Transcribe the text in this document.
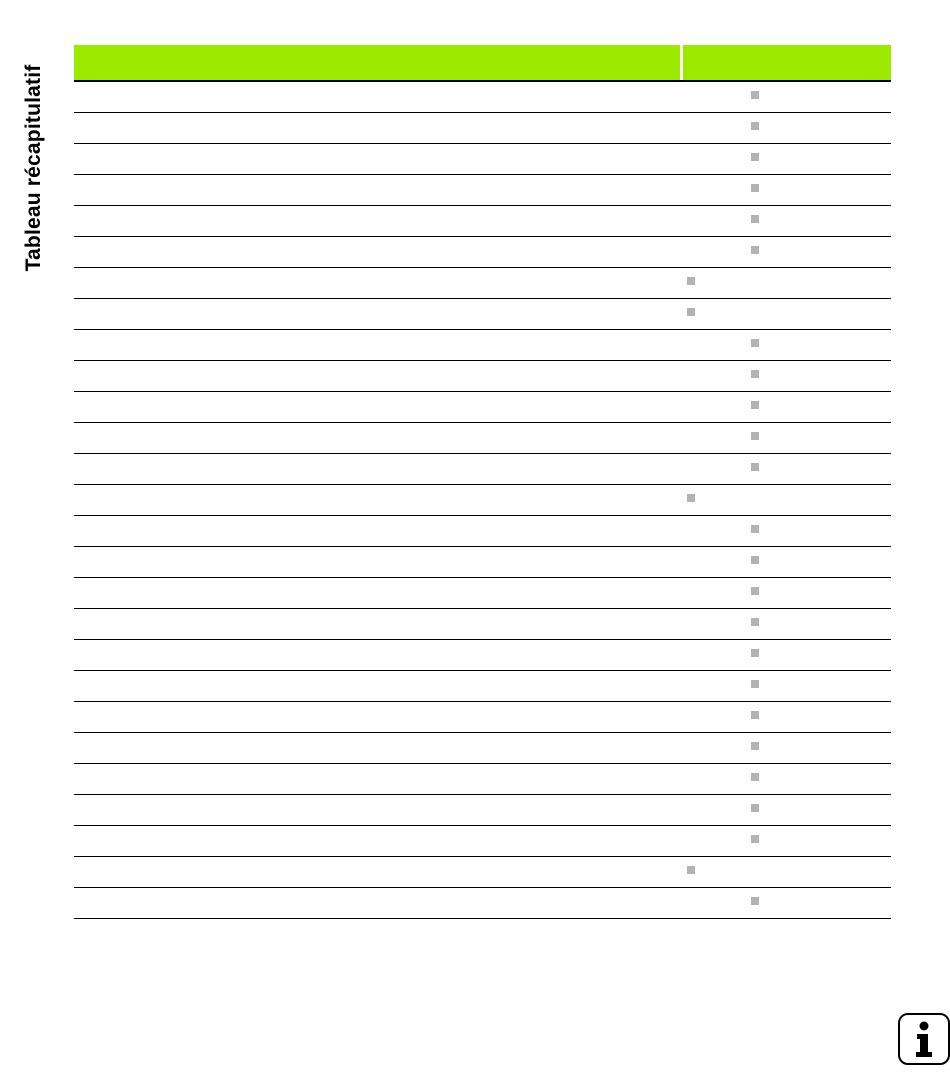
Tableau récapitulatif
